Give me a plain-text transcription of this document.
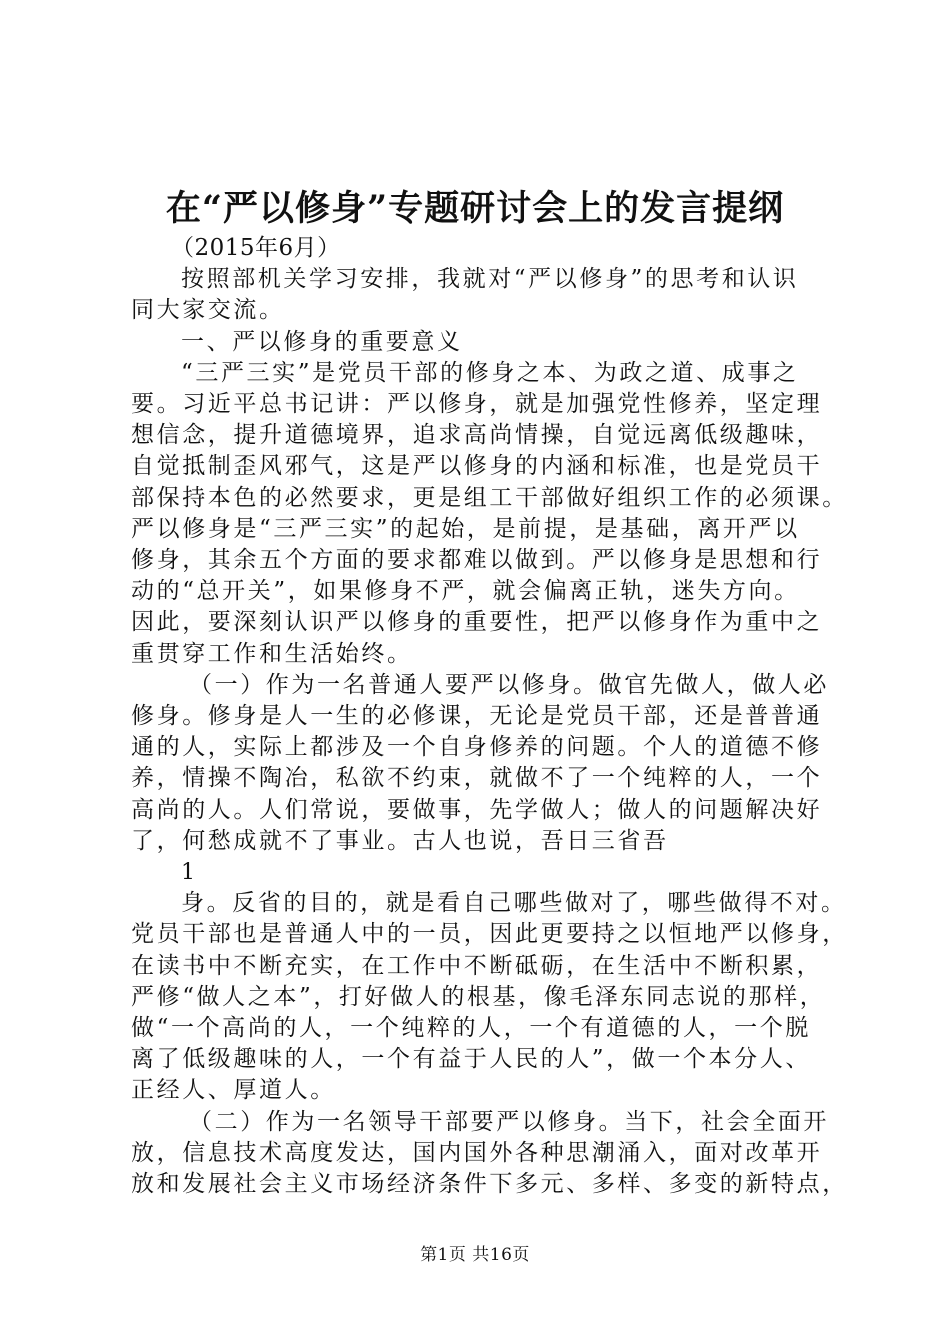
在“严以修身”专题研讨会上的发言提纲

（2015年6月）

按照部机关学习安排，我就对“严以修身”的思考和认识

同大家交流。

一、严以修身的重要意义

“三严三实”是党员干部的修身之本、为政之道、成事之

要。习近平总书记讲：严以修身，就是加强党性修养，坚定理

想信念，提升道德境界，追求高尚情操，自觉远离低级趣味，

自觉抵制歪风邪气，这是严以修身的内涵和标准，也是党员干

部保持本色的必然要求，更是组工干部做好组织工作的必须课。

严以修身是“三严三实”的起始，是前提，是基础，离开严以

修身，其余五个方面的要求都难以做到。严以修身是思想和行

动的“总开关”，如果修身不严，就会偏离正轨，迷失方向。

因此，要深刻认识严以修身的重要性，把严以修身作为重中之

重贯穿工作和生活始终。

（一）作为一名普通人要严以修身。做官先做人，做人必

修身。修身是人一生的必修课，无论是党员干部，还是普普通

通的人，实际上都涉及一个自身修养的问题。个人的道德不修

养，情操不陶冶，私欲不约束，就做不了一个纯粹的人，一个

高尚的人。人们常说，要做事，先学做人；做人的问题解决好

了，何愁成就不了事业。古人也说，吾日三省吾

1

身。反省的目的，就是看自己哪些做对了，哪些做得不对。

党员干部也是普通人中的一员，因此更要持之以恒地严以修身，

在读书中不断充实，在工作中不断砥砺，在生活中不断积累，

严修“做人之本”，打好做人的根基，像毛泽东同志说的那样，

做“一个高尚的人，一个纯粹的人，一个有道德的人，一个脱

离了低级趣味的人，一个有益于人民的人”，做一个本分人、

正经人、厚道人。

（二）作为一名领导干部要严以修身。当下，社会全面开

放，信息技术高度发达，国内国外各种思潮涌入，面对改革开

放和发展社会主义市场经济条件下多元、多样、多变的新特点，

第1页 共16页
